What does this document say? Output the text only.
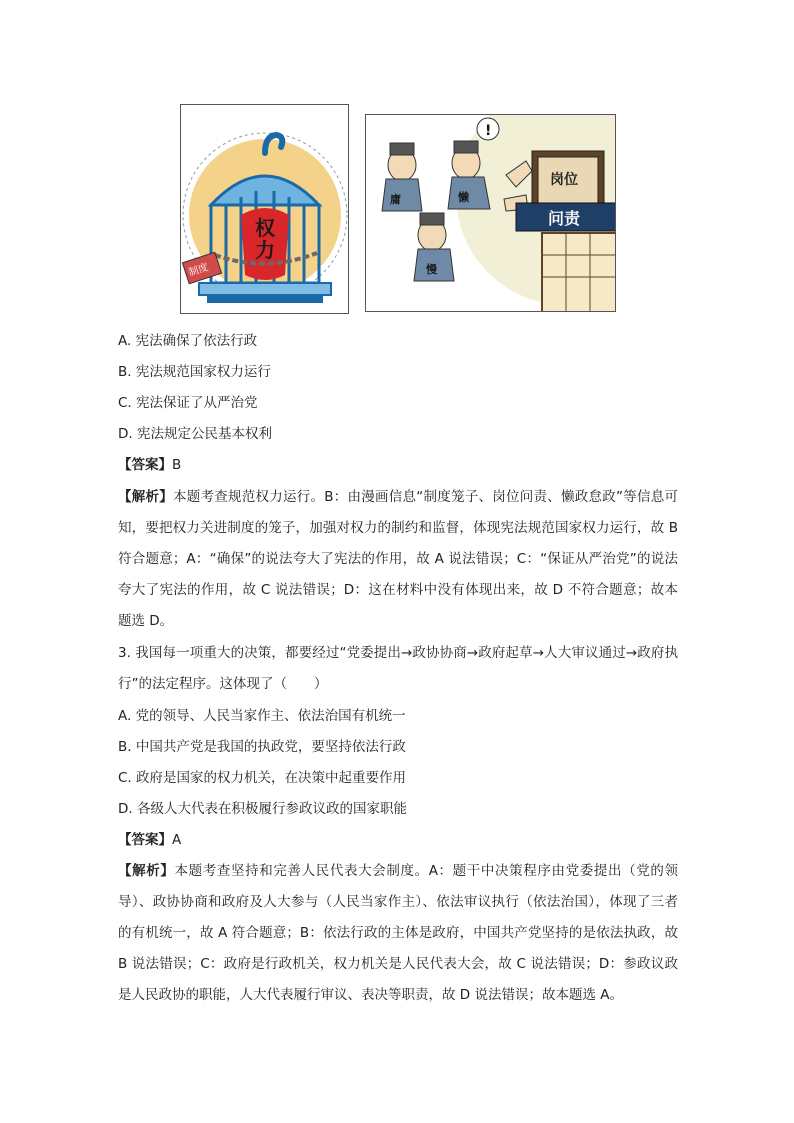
权力
制度
!
庸	懒
慢
岗位
问责
A. 宪法确保了依法行政
B. 宪法规范国家权力运行
C. 宪法保证了从严治党
D. 宪法规定公民基本权利
【答案】B
【解析】本题考查规范权力运行。B：由漫画信息“制度笼子、岗位问责、懒政怠政”等信息可知，要把权力关进制度的笼子，加强对权力的制约和监督，体现宪法规范国家权力运行，故 B 符合题意；A：“确保”的说法夸大了宪法的作用，故 A 说法错误；C：“保证从严治党”的说法夸大了宪法的作用，故 C 说法错误；D：这在材料中没有体现出来，故 D 不符合题意；故本题选 D。
3. 我国每一项重大的决策，都要经过“党委提出→政协协商→政府起草→人大审议通过→政府执行”的法定程序。这体现了（　　）
A. 党的领导、人民当家作主、依法治国有机统一
B. 中国共产党是我国的执政党，要坚持依法行政
C. 政府是国家的权力机关，在决策中起重要作用
D. 各级人大代表在积极履行参政议政的国家职能
【答案】A
【解析】本题考查坚持和完善人民代表大会制度。A：题干中决策程序由党委提出（党的领导）、政协协商和政府及人大参与（人民当家作主）、依法审议执行（依法治国），体现了三者的有机统一，故 A 符合题意；B：依法行政的主体是政府，中国共产党坚持的是依法执政，故 B 说法错误；C：政府是行政机关，权力机关是人民代表大会，故 C 说法错误；D：参政议政是人民政协的职能，人大代表履行审议、表决等职责，故 D 说法错误；故本题选 A。
